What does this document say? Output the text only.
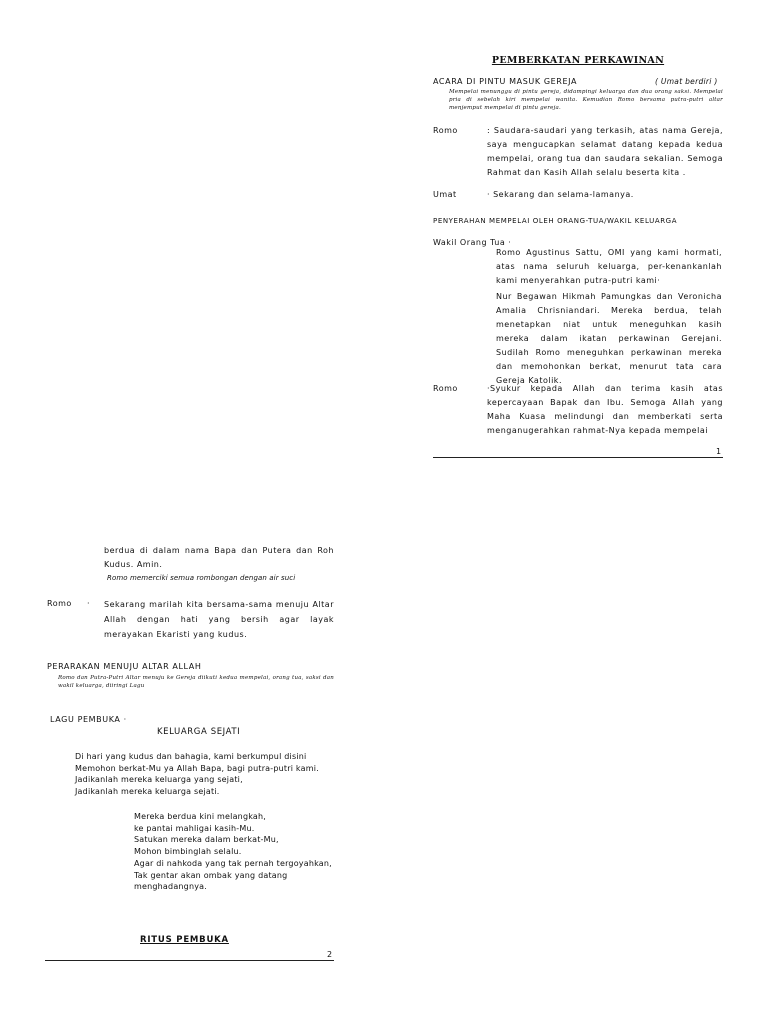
PEMBERKATAN PERKAWINAN
ACARA DI PINTU MASUK GEREJA	( Umat berdiri )
Mempelai menunggu di pintu gereja, didampingi keluarga dan dua orang saksi. Mempelai pria di sebelah kiri mempelai wanita. Kemudian Romo bersama putra-putri altar menjemput mempelai di pintu gereja.
Romo	: Saudara-saudari yang terkasih, atas nama Gereja, saya mengucapkan selamat datang kepada kedua mempelai, orang tua dan saudara sekalian. Semoga Rahmat dan Kasih Allah selalu beserta kita .
Umat	· Sekarang dan selama-lamanya.
PENYERAHAN MEMPELAI OLEH ORANG-TUA/WAKIL KELUARGA
Wakil Orang Tua ·
Romo Agustinus Sattu, OMI yang kami hormati, atas nama seluruh keluarga, per-kenankanlah kami menyerahkan putra-putri kami·
Nur Begawan Hikmah Pamungkas dan Veronicha Amalia Chrisniandari. Mereka berdua, telah menetapkan niat untuk meneguhkan kasih mereka dalam ikatan perkawinan Gerejani. Sudilah Romo meneguhkan perkawinan mereka dan memohonkan berkat, menurut tata cara Gereja Katolik.
Romo	·Syukur kepada Allah dan terima kasih atas kepercayaan Bapak dan Ibu. Semoga Allah yang Maha Kuasa melindungi dan memberkati serta menganugerahkan rahmat-Nya kepada mempelai
1
berdua di dalam nama Bapa dan Putera dan Roh Kudus. Amin.
Romo memerciki semua rombongan dengan air suci
Romo · Sekarang marilah kita bersama-sama menuju Altar Allah dengan hati yang bersih agar layak merayakan Ekaristi yang kudus.
PERARAKAN MENUJU ALTAR ALLAH
Romo dan Putra-Putri Altar menuju ke Gereja diikuti kedua mempelai, orang tua, saksi dan wakil keluarga, diiringi Lagu
LAGU PEMBUKA ·
KELUARGA SEJATI

Di hari yang kudus dan bahagia, kami berkumpul disini

Memohon berkat-Mu ya Allah Bapa, bagi putra-putri kami.

Jadikanlah mereka keluarga yang sejati,

Jadikanlah mereka keluarga sejati.

Mereka berdua kini melangkah,

ke pantai mahligai kasih-Mu.

Satukan mereka dalam berkat-Mu,

Mohon bimbinglah selalu.

Agar di nahkoda yang tak pernah tergoyahkan,

Tak gentar akan ombak yang datang

menghadangnya.

RITUS PEMBUKA
2
